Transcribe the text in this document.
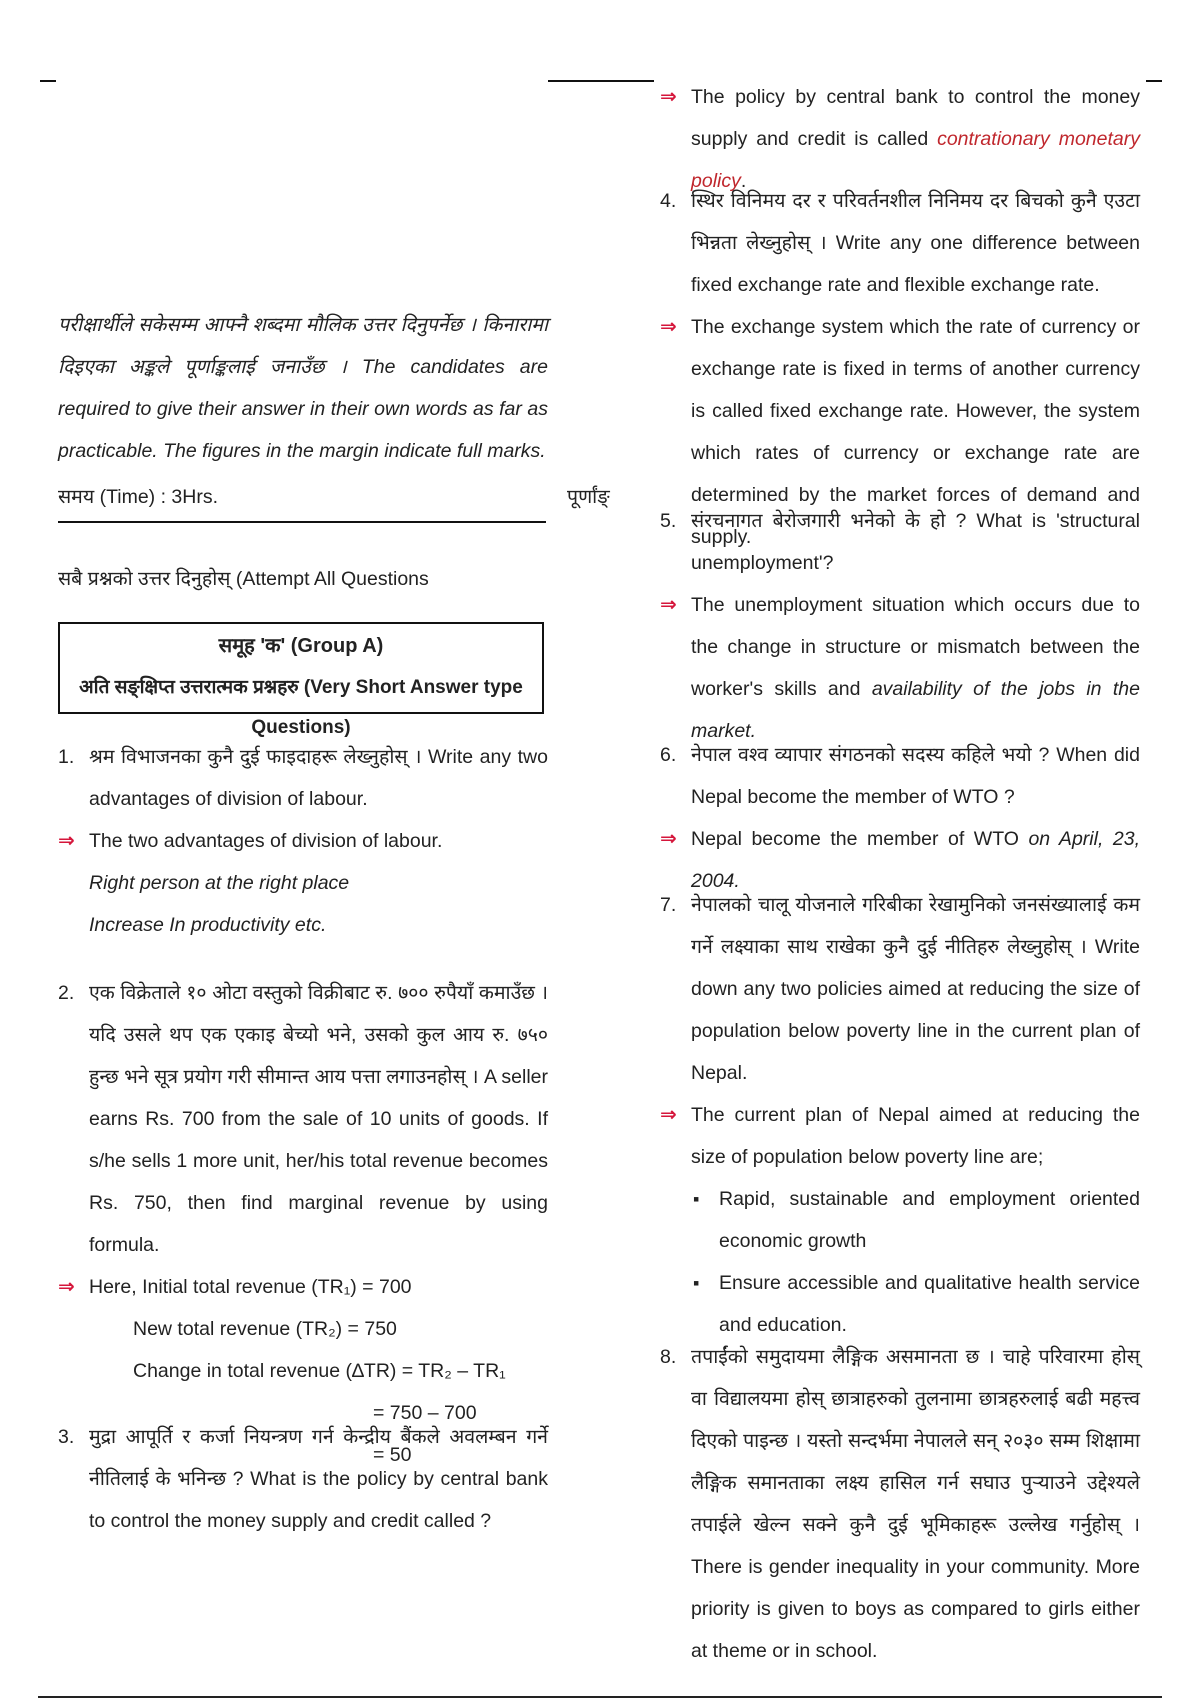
परीक्षार्थीले सकेसम्म आफ्नै शब्दमा मौलिक उत्तर दिनुपर्नेछ । किनारामा दिइएका अङ्कले पूर्णाङ्कलाई जनाउँछ । The candidates are required to give their answer in their own words as far as practicable. The figures in the margin indicate full marks.
समय (Time) : 3Hrs.	पूर्णांङ्
सबै प्रश्नको उत्तर दिनुहोस् (Attempt All Questions
समूह 'क' (Group A)
अति सङ्क्षिप्त उत्तरात्मक प्रश्नहरु (Very Short Answer type Questions)
1. श्रम विभाजनका कुनै दुई फाइदाहरू लेख्नुहोस् । Write any two advantages of division of labour.
⇒ The two advantages of division of labour.
Right person at the right place
Increase In productivity etc.
2. एक विक्रेताले १० ओटा वस्तुको विक्रीबाट रु. ७०० रुपैयाँ कमाउँछ । यदि उसले थप एक एकाइ बेच्यो भने, उसको कुल आय रु. ७५० हुन्छ भने सूत्र प्रयोग गरी सीमान्त आय पत्ता लगाउनहोस् । A seller earns Rs. 700 from the sale of 10 units of goods. If s/he sells 1 more unit, her/his total revenue becomes Rs. 750, then find marginal revenue by using formula.
⇒ Here, Initial total revenue (TR₁) = 700
New total revenue (TR₂) = 750
Change in total revenue (∆TR) = TR₂ – TR₁
= 750 – 700
= 50
3. मुद्रा आपूर्ति र कर्जा नियन्त्रण गर्न केन्द्रीय बैंकले अवलम्बन गर्ने नीतिलाई के भनिन्छ ? What is the policy by central bank to control the money supply and credit called ?
⇒ The policy by central bank to control the money supply and credit is called contrationary monetary policy.
4. स्थिर विनिमय दर र परिवर्तनशील निनिमय दर बिचको कुनै एउटा भिन्नता लेख्नुहोस् । Write any one difference between fixed exchange rate and flexible exchange rate.
⇒ The exchange system which the rate of currency or exchange rate is fixed in terms of another currency is called fixed exchange rate. However, the system which rates of currency or exchange rate are determined by the market forces of demand and supply.
5. संरचनागत बेरोजगारी भनेको के हो ? What is 'structural unemployment'?
⇒ The unemployment situation which occurs due to the change in structure or mismatch between the worker's skills and availability of the jobs in the market.
6. नेपाल वश्व व्यापार संगठनको सदस्य कहिले भयो ? When did Nepal become the member of WTO ?
⇒ Nepal become the member of WTO on April, 23, 2004.
7. नेपालको चालू योजनाले गरिबीका रेखामुनिको जनसंख्यालाई कम गर्ने लक्ष्याका साथ राखेका कुनै दुई नीतिहरु लेख्नुहोस् । Write down any two policies aimed at reducing the size of population below poverty line in the current plan of Nepal.
⇒ The current plan of Nepal aimed at reducing the size of population below poverty line are;
▪ Rapid, sustainable and employment oriented economic growth
▪ Ensure accessible and qualitative health service and education.
8. तपाईंको समुदायमा लैङ्गिक असमानता छ । चाहे परिवारमा होस् वा विद्यालयमा होस् छात्राहरुको तुलनामा छात्रहरुलाई बढी महत्त्व दिएको पाइन्छ । यस्तो सन्दर्भमा नेपालले सन् २०३० सम्म शिक्षामा लैङ्गिक समानताका लक्ष्य हासिल गर्न सघाउ पुऱ्याउने उद्देश्यले तपाईले खेल्न सक्ने कुनै दुई भूमिकाहरू उल्लेख गर्नुहोस् । There is gender inequality in your community. More priority is given to boys as compared to girls either at theme or in school.
